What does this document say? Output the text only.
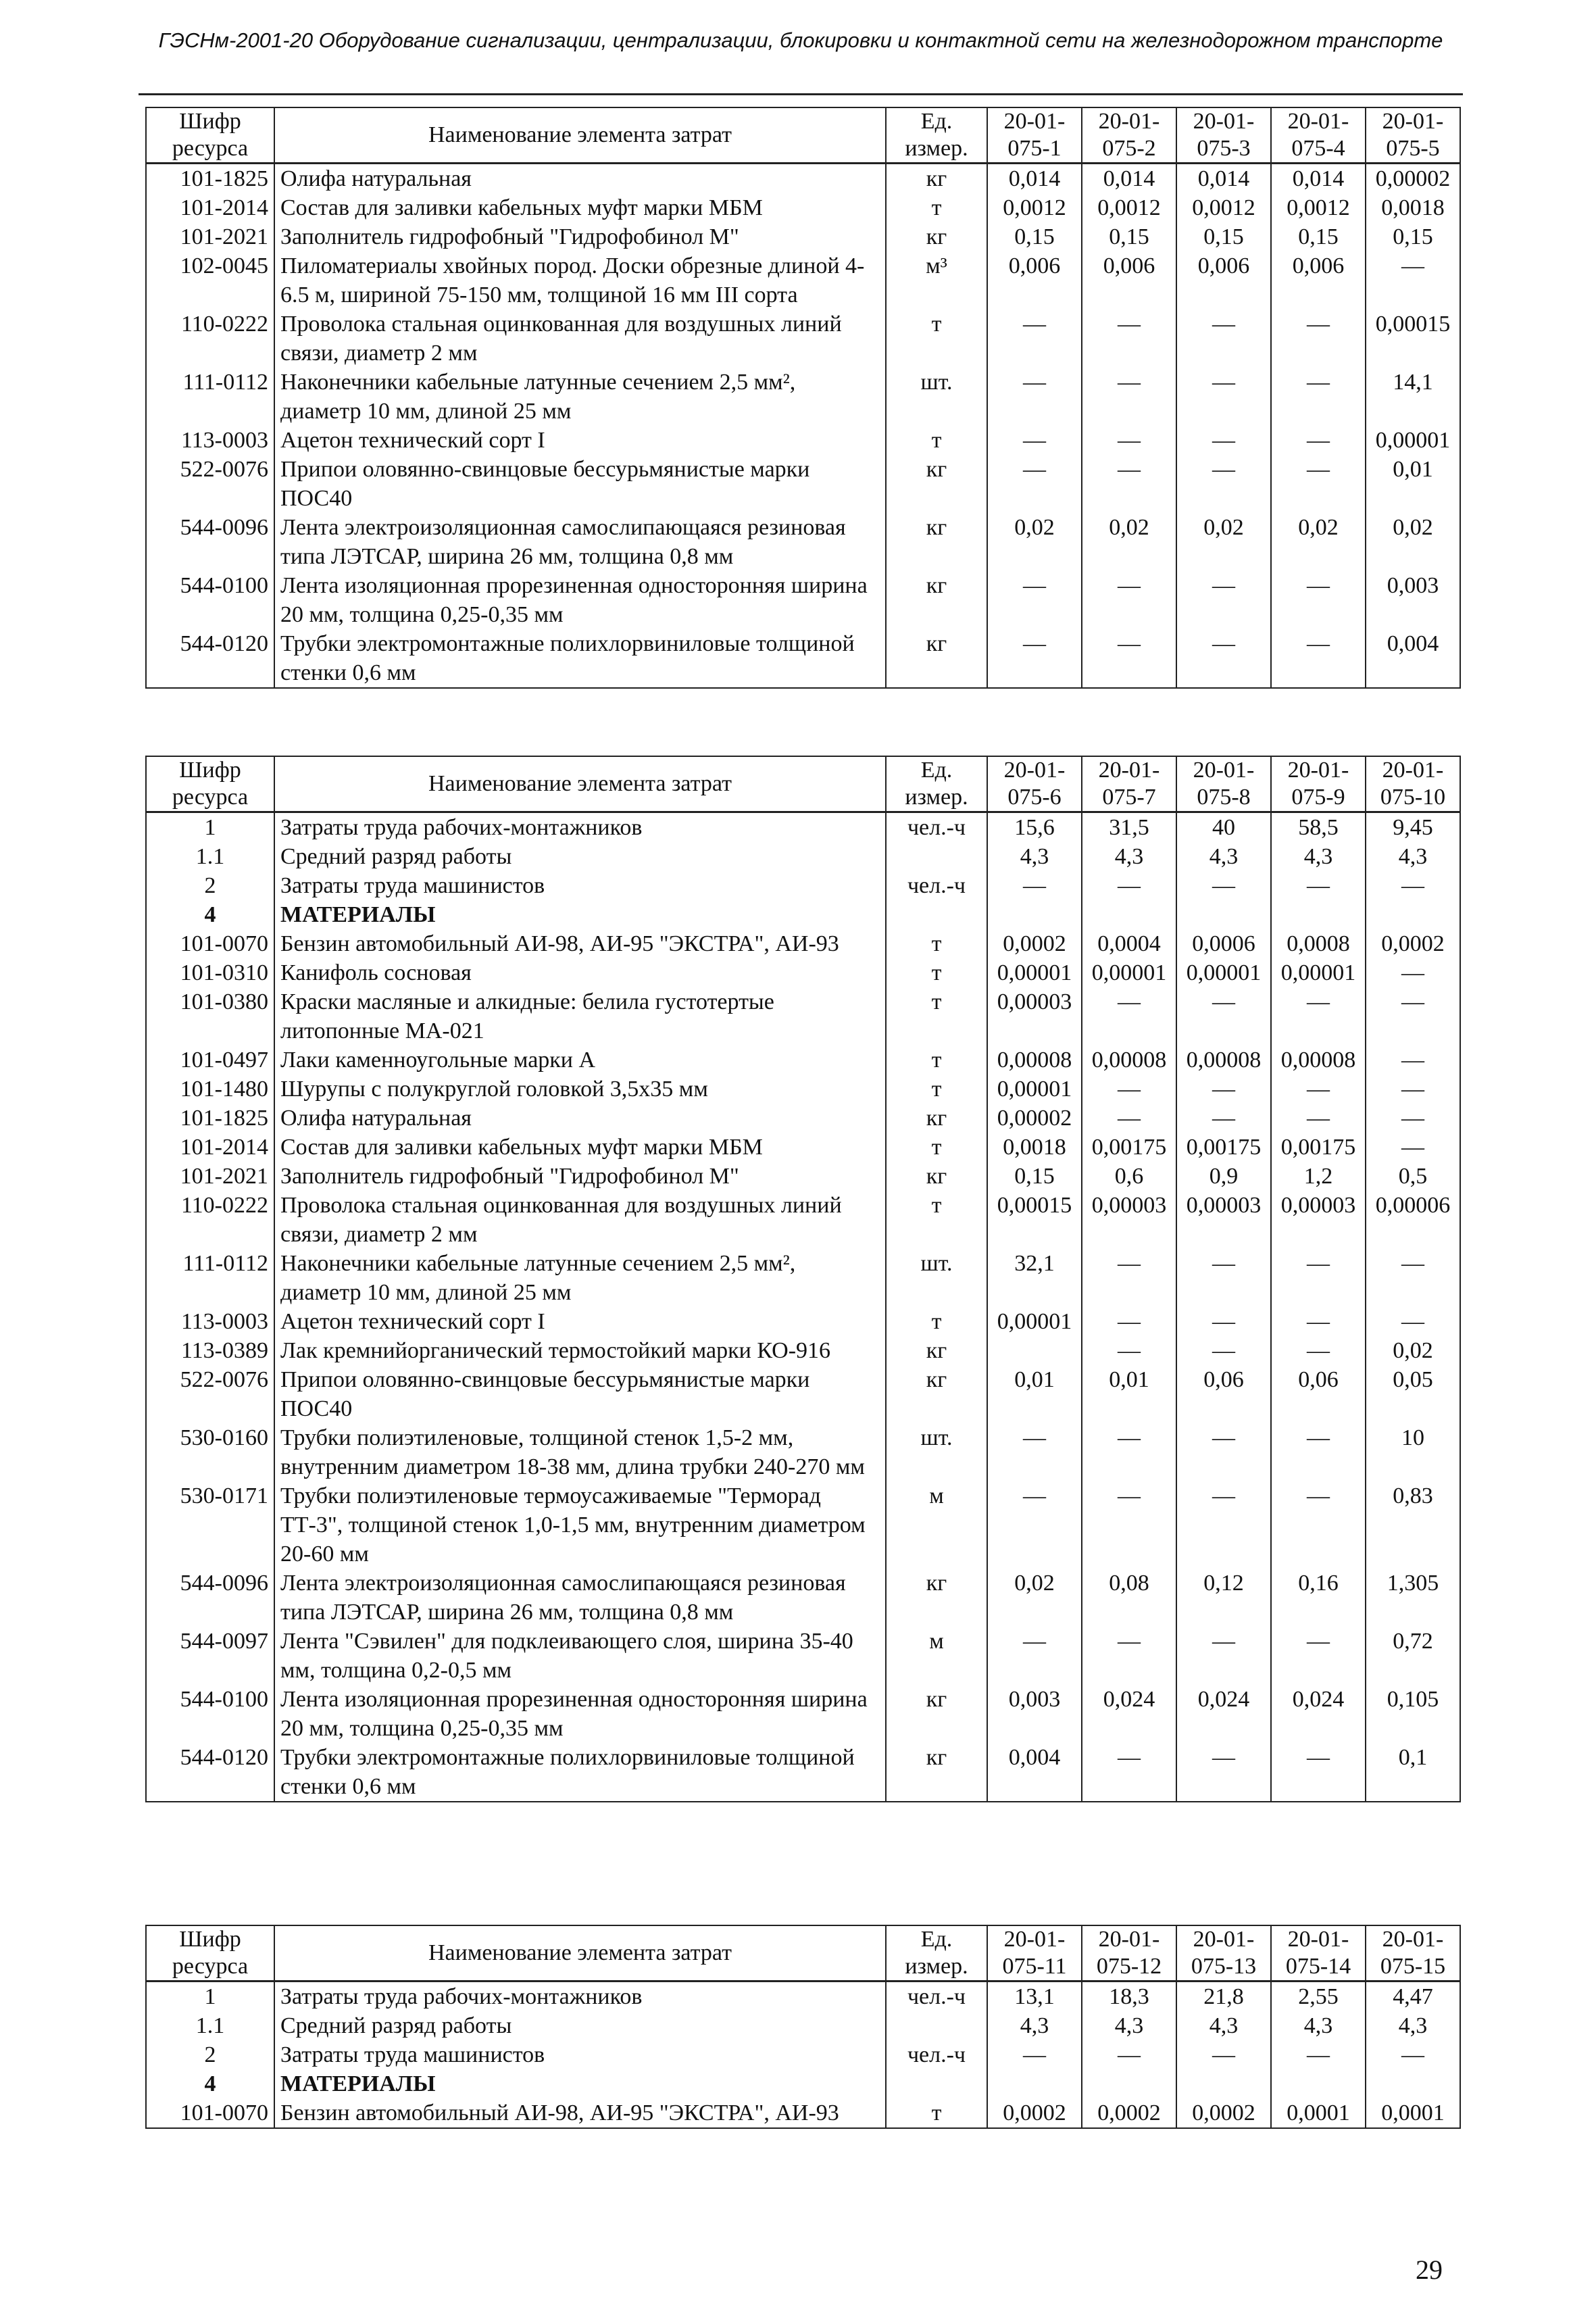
ГЭСНм-2001-20 Оборудование сигнализации, централизации, блокировки и контактной сети на железнодорожном транспорте
Шифр ресурса	Наименование элемента затрат	Ед. измер.	20-01-075-1	20-01-075-2	20-01-075-3	20-01-075-4	20-01-075-5
101-1825	Олифа натуральная	кг	0,014	0,014	0,014	0,014	0,00002
101-2014	Состав для заливки кабельных муфт марки МБМ	т	0,0012	0,0012	0,0012	0,0012	0,0018
101-2021	Заполнитель гидрофобный "Гидрофобинол М"	кг	0,15	0,15	0,15	0,15	0,15
102-0045	Пиломатериалы хвойных пород. Доски обрезные длиной 4-6.5 м, шириной 75-150 мм, толщиной 16 мм III сорта	м³	0,006	0,006	0,006	0,006	—
110-0222	Проволока стальная оцинкованная для воздушных линий связи, диаметр 2 мм	т	—	—	—	—	0,00015
111-0112	Наконечники кабельные латунные сечением 2,5 мм², диаметр 10 мм, длиной 25 мм	шт.	—	—	—	—	14,1
113-0003	Ацетон технический сорт I	т	—	—	—	—	0,00001
522-0076	Припои оловянно-свинцовые бессурьмянистые марки ПОС40	кг	—	—	—	—	0,01
544-0096	Лента электроизоляционная самослипающаяся резиновая типа ЛЭТСАР, ширина 26 мм, толщина 0,8 мм	кг	0,02	0,02	0,02	0,02	0,02
544-0100	Лента изоляционная прорезиненная односторонняя ширина 20 мм, толщина 0,25-0,35 мм	кг	—	—	—	—	0,003
544-0120	Трубки электромонтажные полихлорвиниловые толщиной стенки 0,6 мм	кг	—	—	—	—	0,004
Шифр ресурса	Наименование элемента затрат	Ед. измер.	20-01-075-6	20-01-075-7	20-01-075-8	20-01-075-9	20-01-075-10
1	Затраты труда рабочих-монтажников	чел.-ч	15,6	31,5	40	58,5	9,45
1.1	Средний разряд работы		4,3	4,3	4,3	4,3	4,3
2	Затраты труда машинистов	чел.-ч	—	—	—	—	—
4	МАТЕРИАЛЫ						
101-0070	Бензин автомобильный АИ-98, АИ-95 "ЭКСТРА", АИ-93	т	0,0002	0,0004	0,0006	0,0008	0,0002
101-0310	Канифоль сосновая	т	0,00001	0,00001	0,00001	0,00001	—
101-0380	Краски масляные и алкидные: белила густотертые литопонные МА-021	т	0,00003	—	—	—	—
101-0497	Лаки каменноугольные марки А	т	0,00008	0,00008	0,00008	0,00008	—
101-1480	Шурупы с полукруглой головкой 3,5х35 мм	т	0,00001	—	—	—	—
101-1825	Олифа натуральная	кг	0,00002	—	—	—	—
101-2014	Состав для заливки кабельных муфт марки МБМ	т	0,0018	0,00175	0,00175	0,00175	—
101-2021	Заполнитель гидрофобный "Гидрофобинол М"	кг	0,15	0,6	0,9	1,2	0,5
110-0222	Проволока стальная оцинкованная для воздушных линий связи, диаметр 2 мм	т	0,00015	0,00003	0,00003	0,00003	0,00006
111-0112	Наконечники кабельные латунные сечением 2,5 мм², диаметр 10 мм, длиной 25 мм	шт.	32,1	—	—	—	—
113-0003	Ацетон технический сорт I	т	0,00001	—	—	—	—
113-0389	Лак кремнийорганический термостойкий марки КО-916	кг		—	—	—	0,02
522-0076	Припои оловянно-свинцовые бессурьмянистые марки ПОС40	кг	0,01	0,01	0,06	0,06	0,05
530-0160	Трубки полиэтиленовые, толщиной стенок 1,5-2 мм, внутренним диаметром 18-38 мм, длина трубки 240-270 мм	шт.	—	—	—	—	10
530-0171	Трубки полиэтиленовые термоусаживаемые "Терморад ТТ-3", толщиной стенок 1,0-1,5 мм, внутренним диаметром 20-60 мм	м	—	—	—	—	0,83
544-0096	Лента электроизоляционная самослипающаяся резиновая типа ЛЭТСАР, ширина 26 мм, толщина 0,8 мм	кг	0,02	0,08	0,12	0,16	1,305
544-0097	Лента "Сэвилен" для подклеивающего слоя, ширина 35-40 мм, толщина 0,2-0,5 мм	м	—	—	—	—	0,72
544-0100	Лента изоляционная прорезиненная односторонняя ширина 20 мм, толщина 0,25-0,35 мм	кг	0,003	0,024	0,024	0,024	0,105
544-0120	Трубки электромонтажные полихлорвиниловые толщиной стенки 0,6 мм	кг	0,004	—	—	—	0,1
Шифр ресурса	Наименование элемента затрат	Ед. измер.	20-01-075-11	20-01-075-12	20-01-075-13	20-01-075-14	20-01-075-15
1	Затраты труда рабочих-монтажников	чел.-ч	13,1	18,3	21,8	2,55	4,47
1.1	Средний разряд работы		4,3	4,3	4,3	4,3	4,3
2	Затраты труда машинистов	чел.-ч	—	—	—	—	—
4	МАТЕРИАЛЫ						
101-0070	Бензин автомобильный АИ-98, АИ-95 "ЭКСТРА", АИ-93	т	0,0002	0,0002	0,0002	0,0001	0,0001
29
